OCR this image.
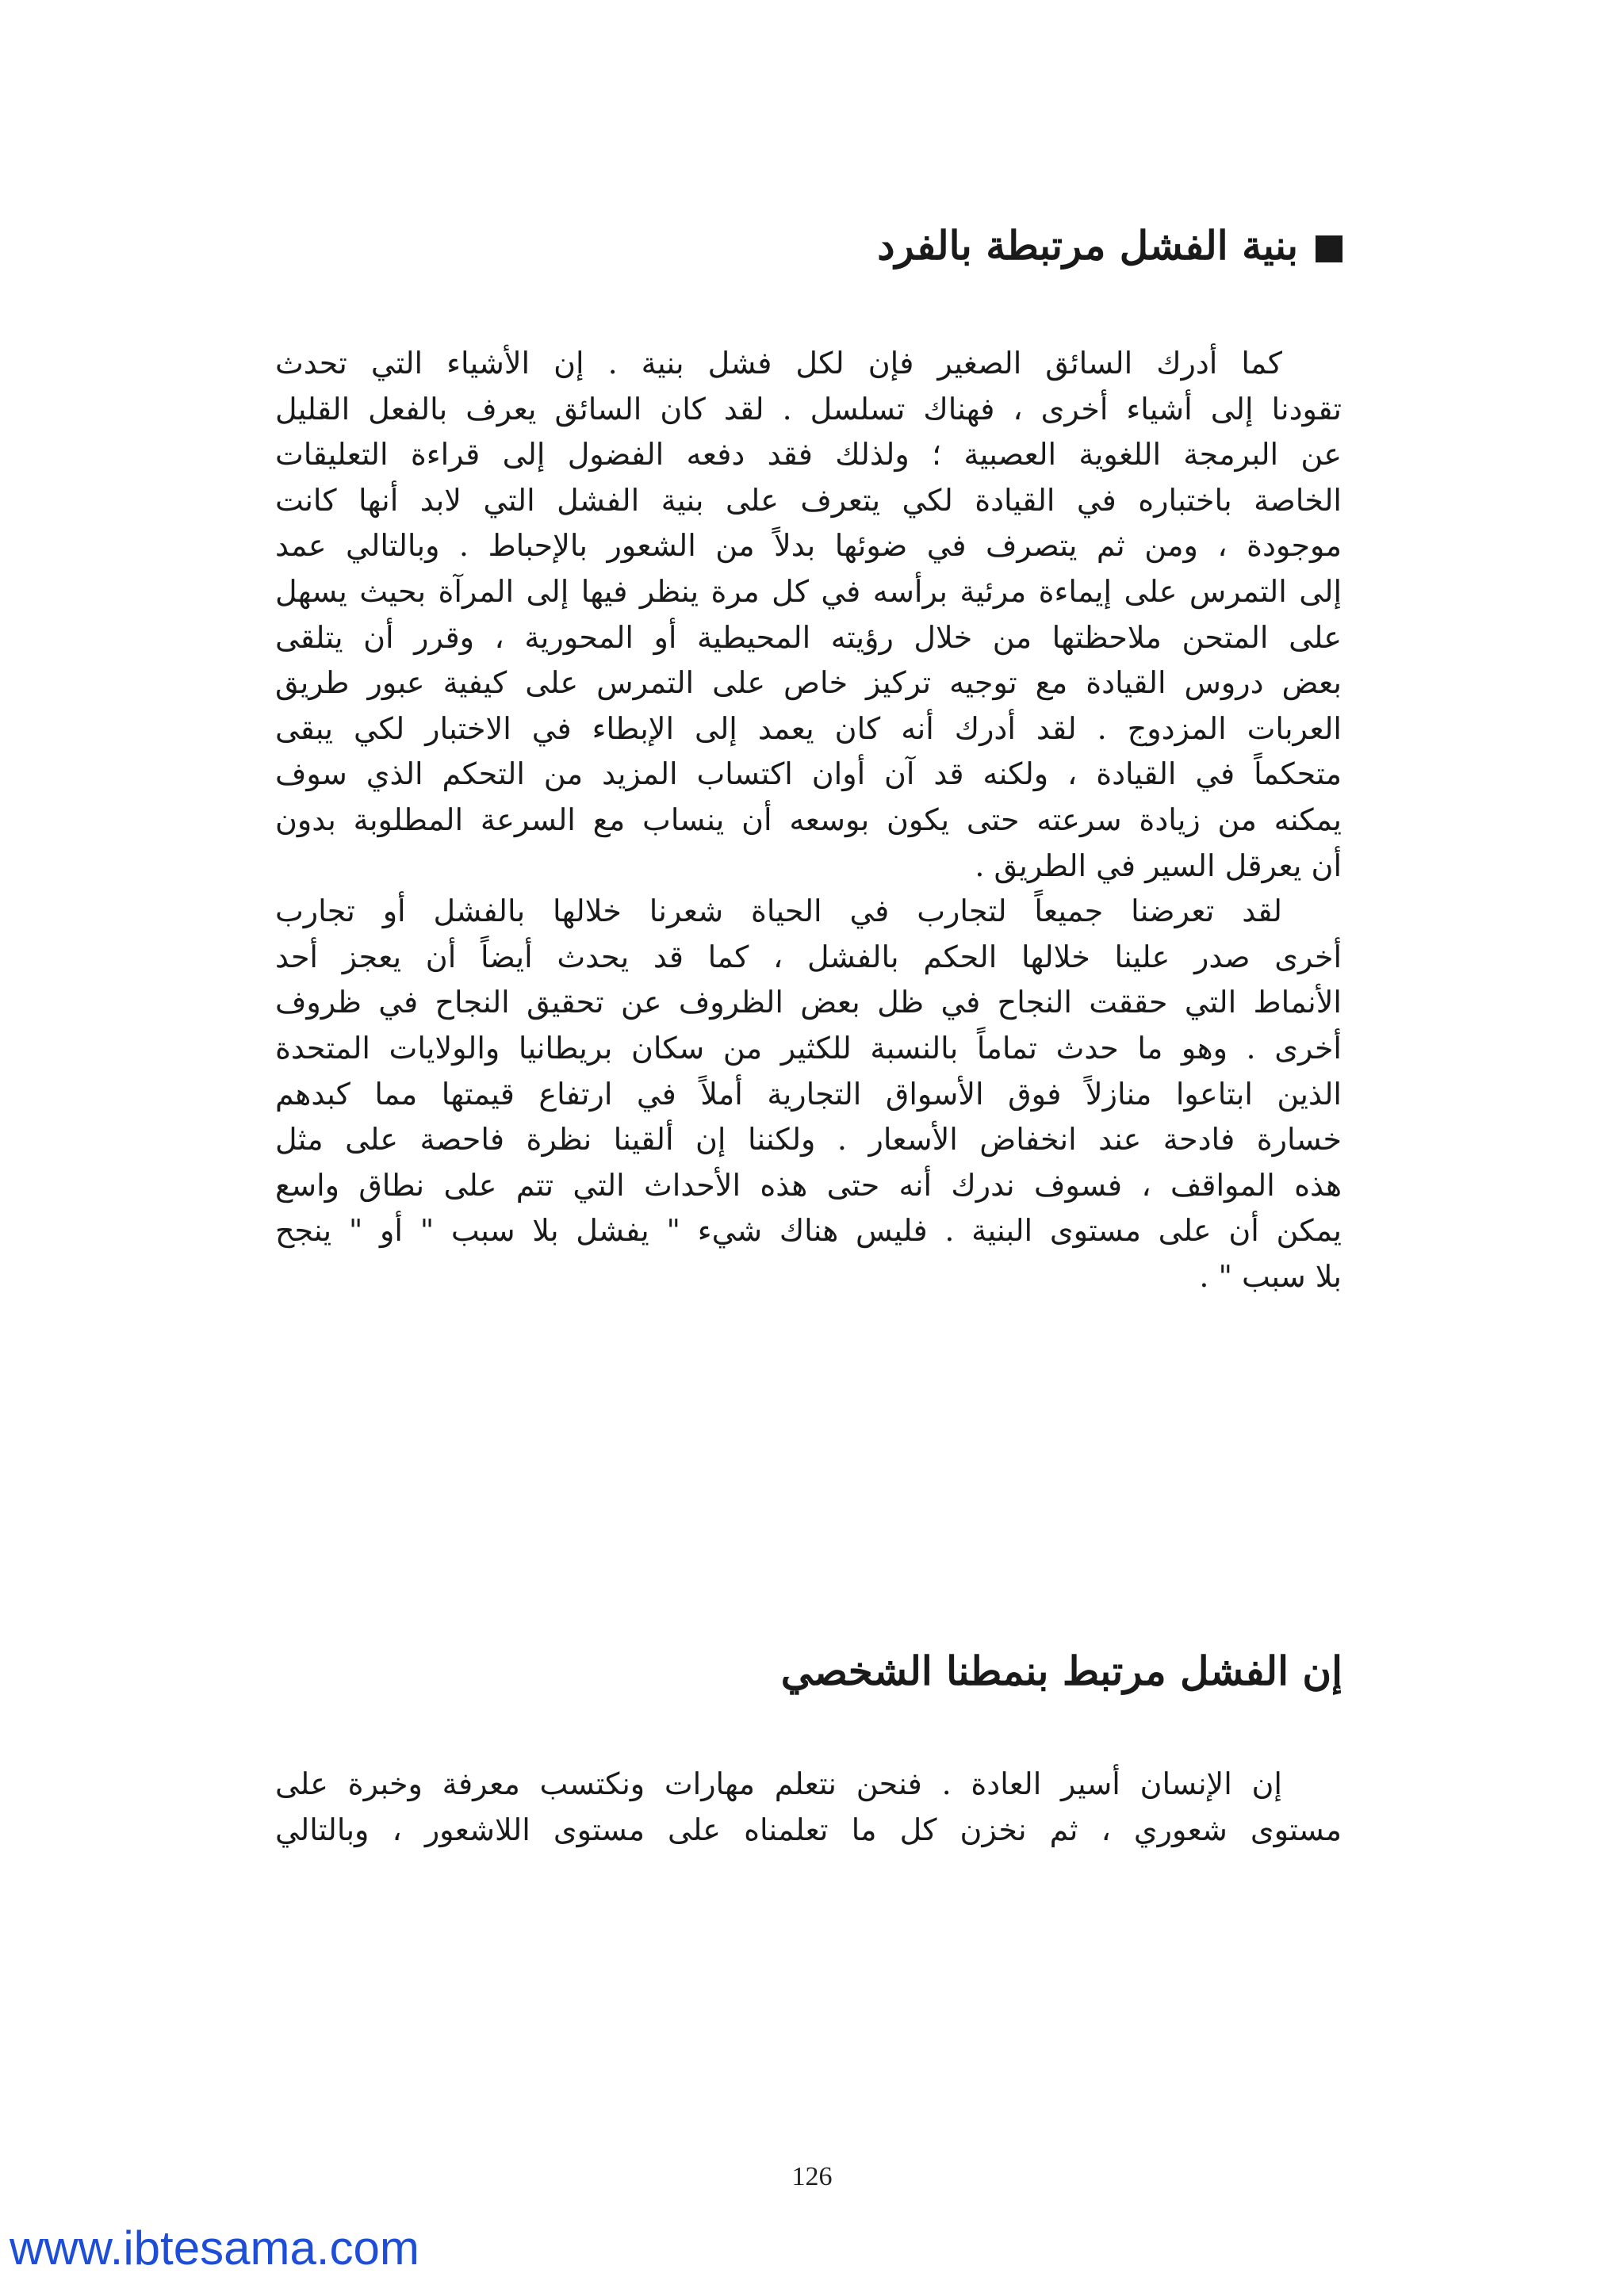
بنية الفشل مرتبطة بالفرد
كما أدرك السائق الصغير فإن لكل فشل بنية . إن الأشياء التي تحدث
تقودنا إلى أشياء أخرى ، فهناك تسلسل . لقد كان السائق يعرف بالفعل القليل
عن البرمجة اللغوية العصبية ؛ ولذلك فقد دفعه الفضول إلى قراءة التعليقات
الخاصة باختباره في القيادة لكي يتعرف على بنية الفشل التي لابد أنها كانت
موجودة ، ومن ثم يتصرف في ضوئها بدلاً من الشعور بالإحباط . وبالتالي عمد
إلى التمرس على إيماءة مرئية برأسه في كل مرة ينظر فيها إلى المرآة بحيث يسهل
على المتحن ملاحظتها من خلال رؤيته المحيطية أو المحورية ، وقرر أن يتلقى
بعض دروس القيادة مع توجيه تركيز خاص على التمرس على كيفية عبور طريق
العربات المزدوج . لقد أدرك أنه كان يعمد إلى الإبطاء في الاختبار لكي يبقى
متحكماً في القيادة ، ولكنه قد آن أوان اكتساب المزيد من التحكم الذي سوف
يمكنه من زيادة سرعته حتى يكون بوسعه أن ينساب مع السرعة المطلوبة بدون
أن يعرقل السير في الطريق .
لقد تعرضنا جميعاً لتجارب في الحياة شعرنا خلالها بالفشل أو تجارب
أخرى صدر علينا خلالها الحكم بالفشل ، كما قد يحدث أيضاً أن يعجز أحد
الأنماط التي حققت النجاح في ظل بعض الظروف عن تحقيق النجاح في ظروف
أخرى . وهو ما حدث تماماً بالنسبة للكثير من سكان بريطانيا والولايات المتحدة
الذين ابتاعوا منازلاً فوق الأسواق التجارية أملاً في ارتفاع قيمتها مما كبدهم
خسارة فادحة عند انخفاض الأسعار . ولكننا إن ألقينا نظرة فاحصة على مثل
هذه المواقف ، فسوف ندرك أنه حتى هذه الأحداث التي تتم على نطاق واسع
يمكن أن على مستوى البنية . فليس هناك شيء " يفشل بلا سبب " أو " ينجح
بلا سبب " .
إن الفشل مرتبط بنمطنا الشخصي
إن الإنسان أسير العادة . فنحن نتعلم مهارات ونكتسب معرفة وخبرة على
مستوى شعوري ، ثم نخزن كل ما تعلمناه على مستوى اللاشعور ، وبالتالي
126
www.ibtesama.com
